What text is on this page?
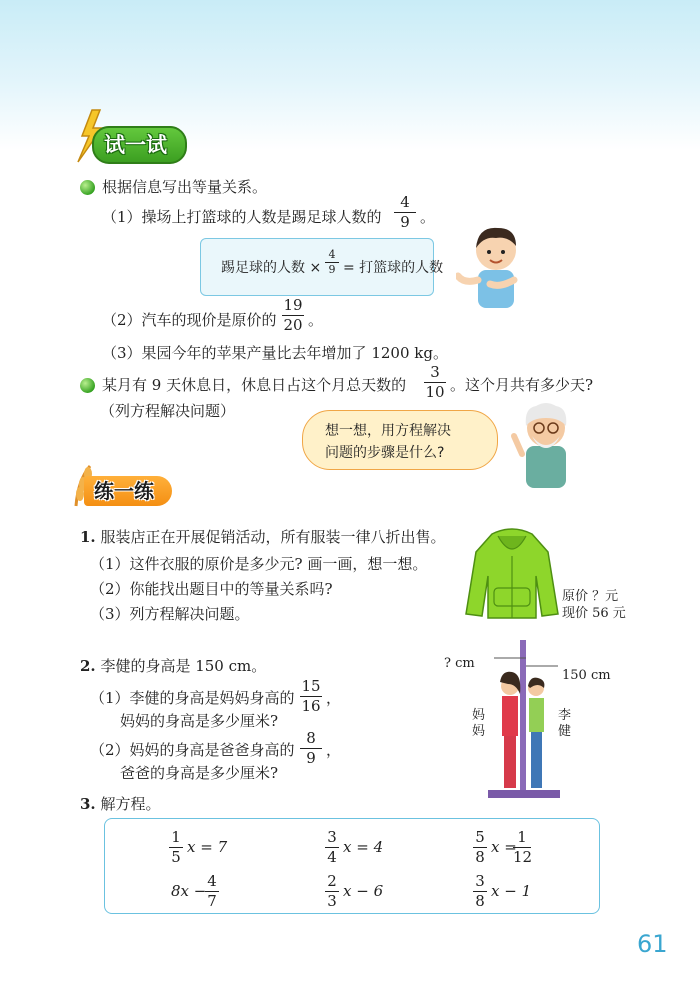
试一试
根据信息写出等量关系。
（1）操场上打篮球的人数是踢足球人数的
4
9 。
踢足球的人数 ×
4
9 = 打篮球的人数
（2）汽车的现价是原价的
19
20 。
（3）果园今年的苹果产量比去年增加了 1200 kg。
某月有 9 天休息日，休息日占这个月总天数的
3
10 。这个月共有多少天?
（列方程解决问题）
想一想，用方程解决
问题的步骤是什么?
练一练
1. 服装店正在开展促销活动，所有服装一律八折出售。
（1）这件衣服的原价是多少元? 画一画，想一想。
（2）你能找出题目中的等量关系吗?
（3）列方程解决问题。
原价 ？元
现价 56 元
2. 李健的身高是 150 cm。
（1）李健的身高是妈妈身高的
15
16 ，
妈妈的身高是多少厘米?
（2）妈妈的身高是爸爸身高的
8
9 ，
爸爸的身高是多少厘米?
? cm
150 cm
妈
妈
李
健
3. 解方程。
1
5
x = 7
3
4
x = 4
5
8
x =
1
12
8x −
4
7
2
3
x − 6
3
8
x − 1
61
